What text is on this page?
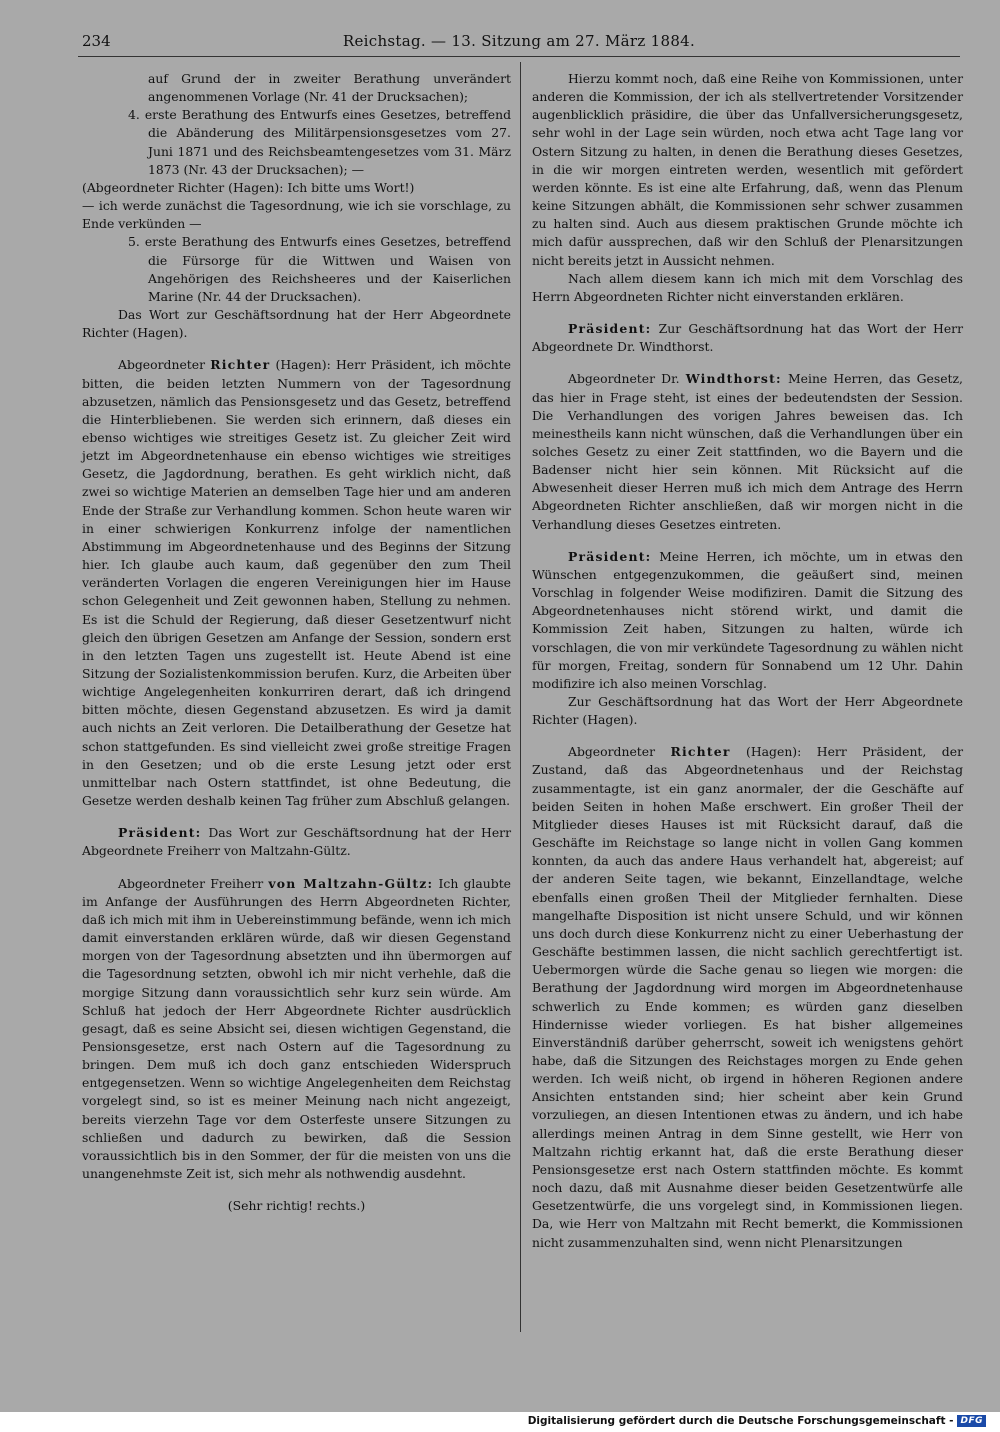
234	Reichstag. — 13. Sitzung am 27. März 1884.

auf Grund der in zweiter Berathung unverändert angenommenen Vorlage (Nr. 41 der Drucksachen);

4. erste Berathung des Entwurfs eines Gesetzes, betreffend die Abänderung des Militärpensionsgesetzes vom 27. Juni 1871 und des Reichsbeamtengesetzes vom 31. März 1873 (Nr. 43 der Drucksachen); —

(Abgeordneter Richter (Hagen): Ich bitte ums Wort!)

— ich werde zunächst die Tagesordnung, wie ich sie vorschlage, zu Ende verkünden —

5. erste Berathung des Entwurfs eines Gesetzes, betreffend die Fürsorge für die Wittwen und Waisen von Angehörigen des Reichsheeres und der Kaiserlichen Marine (Nr. 44 der Drucksachen).

Das Wort zur Geschäftsordnung hat der Herr Abgeordnete Richter (Hagen).

Abgeordneter Richter (Hagen): Herr Präsident, ich möchte bitten, die beiden letzten Nummern von der Tagesordnung abzusetzen, nämlich das Pensionsgesetz und das Gesetz, betreffend die Hinterbliebenen. Sie werden sich erinnern, daß dieses ein ebenso wichtiges wie streitiges Gesetz ist. Zu gleicher Zeit wird jetzt im Abgeordnetenhause ein ebenso wichtiges wie streitiges Gesetz, die Jagdordnung, berathen. Es geht wirklich nicht, daß zwei so wichtige Materien an demselben Tage hier und am anderen Ende der Straße zur Verhandlung kommen. Schon heute waren wir in einer schwierigen Konkurrenz infolge der namentlichen Abstimmung im Abgeordnetenhause und des Beginns der Sitzung hier. Ich glaube auch kaum, daß gegenüber den zum Theil veränderten Vorlagen die engeren Vereinigungen hier im Hause schon Gelegenheit und Zeit gewonnen haben, Stellung zu nehmen. Es ist die Schuld der Regierung, daß dieser Gesetzentwurf nicht gleich den übrigen Gesetzen am Anfange der Session, sondern erst in den letzten Tagen uns zugestellt ist. Heute Abend ist eine Sitzung der Sozialistenkommission berufen. Kurz, die Arbeiten über wichtige Angelegenheiten konkurriren derart, daß ich dringend bitten möchte, diesen Gegenstand abzusetzen. Es wird ja damit auch nichts an Zeit verloren. Die Detailberathung der Gesetze hat schon stattgefunden. Es sind vielleicht zwei große streitige Fragen in den Gesetzen; und ob die erste Lesung jetzt oder erst unmittelbar nach Ostern stattfindet, ist ohne Bedeutung, die Gesetze werden deshalb keinen Tag früher zum Abschluß gelangen.

Präsident: Das Wort zur Geschäftsordnung hat der Herr Abgeordnete Freiherr von Maltzahn-Gültz.

Abgeordneter Freiherr von Maltzahn-Gültz: Ich glaubte im Anfange der Ausführungen des Herrn Abgeordneten Richter, daß ich mich mit ihm in Uebereinstimmung befände, wenn ich mich damit einverstanden erklären würde, daß wir diesen Gegenstand morgen von der Tagesordnung absetzten und ihn übermorgen auf die Tagesordnung setzten, obwohl ich mir nicht verhehle, daß die morgige Sitzung dann voraussichtlich sehr kurz sein würde. Am Schluß hat jedoch der Herr Abgeordnete Richter ausdrücklich gesagt, daß es seine Absicht sei, diesen wichtigen Gegenstand, die Pensionsgesetze, erst nach Ostern auf die Tagesordnung zu bringen. Dem muß ich doch ganz entschieden Widerspruch entgegensetzen. Wenn so wichtige Angelegenheiten dem Reichstag vorgelegt sind, so ist es meiner Meinung nach nicht angezeigt, bereits vierzehn Tage vor dem Osterfeste unsere Sitzungen zu schließen und dadurch zu bewirken, daß die Session voraussichtlich bis in den Sommer, der für die meisten von uns die unangenehmste Zeit ist, sich mehr als nothwendig ausdehnt.

(Sehr richtig! rechts.)

Hierzu kommt noch, daß eine Reihe von Kommissionen, unter anderen die Kommission, der ich als stellvertretender Vorsitzender augenblicklich präsidire, die über das Unfallversicherungsgesetz, sehr wohl in der Lage sein würden, noch etwa acht Tage lang vor Ostern Sitzung zu halten, in denen die Berathung dieses Gesetzes, in die wir morgen eintreten werden, wesentlich mit gefördert werden könnte. Es ist eine alte Erfahrung, daß, wenn das Plenum keine Sitzungen abhält, die Kommissionen sehr schwer zusammen zu halten sind. Auch aus diesem praktischen Grunde möchte ich mich dafür aussprechen, daß wir den Schluß der Plenarsitzungen nicht bereits jetzt in Aussicht nehmen.

Nach allem diesem kann ich mich mit dem Vorschlag des Herrn Abgeordneten Richter nicht einverstanden erklären.

Präsident: Zur Geschäftsordnung hat das Wort der Herr Abgeordnete Dr. Windthorst.

Abgeordneter Dr. Windthorst: Meine Herren, das Gesetz, das hier in Frage steht, ist eines der bedeutendsten der Session. Die Verhandlungen des vorigen Jahres beweisen das. Ich meinestheils kann nicht wünschen, daß die Verhandlungen über ein solches Gesetz zu einer Zeit stattfinden, wo die Bayern und die Badenser nicht hier sein können. Mit Rücksicht auf die Abwesenheit dieser Herren muß ich mich dem Antrage des Herrn Abgeordneten Richter anschließen, daß wir morgen nicht in die Verhandlung dieses Gesetzes eintreten.

Präsident: Meine Herren, ich möchte, um in etwas den Wünschen entgegenzukommen, die geäußert sind, meinen Vorschlag in folgender Weise modifiziren. Damit die Sitzung des Abgeordnetenhauses nicht störend wirkt, und damit die Kommission Zeit haben, Sitzungen zu halten, würde ich vorschlagen, die von mir verkündete Tagesordnung zu wählen nicht für morgen, Freitag, sondern für Sonnabend um 12 Uhr. Dahin modifizire ich also meinen Vorschlag.

Zur Geschäftsordnung hat das Wort der Herr Abgeordnete Richter (Hagen).

Abgeordneter Richter (Hagen): Herr Präsident, der Zustand, daß das Abgeordnetenhaus und der Reichstag zusammentagte, ist ein ganz anormaler, der die Geschäfte auf beiden Seiten in hohen Maße erschwert. Ein großer Theil der Mitglieder dieses Hauses ist mit Rücksicht darauf, daß die Geschäfte im Reichstage so lange nicht in vollen Gang kommen konnten, da auch das andere Haus verhandelt hat, abgereist; auf der anderen Seite tagen, wie bekannt, Einzellandtage, welche ebenfalls einen großen Theil der Mitglieder fernhalten. Diese mangelhafte Disposition ist nicht unsere Schuld, und wir können uns doch durch diese Konkurrenz nicht zu einer Ueberhastung der Geschäfte bestimmen lassen, die nicht sachlich gerechtfertigt ist. Uebermorgen würde die Sache genau so liegen wie morgen: die Berathung der Jagdordnung wird morgen im Abgeordnetenhause schwerlich zu Ende kommen; es würden ganz dieselben Hindernisse wieder vorliegen. Es hat bisher allgemeines Einverständniß darüber geherrscht, soweit ich wenigstens gehört habe, daß die Sitzungen des Reichstages morgen zu Ende gehen werden. Ich weiß nicht, ob irgend in höheren Regionen andere Ansichten entstanden sind; hier scheint aber kein Grund vorzuliegen, an diesen Intentionen etwas zu ändern, und ich habe allerdings meinen Antrag in dem Sinne gestellt, wie Herr von Maltzahn richtig erkannt hat, daß die erste Berathung dieser Pensionsgesetze erst nach Ostern stattfinden möchte. Es kommt noch dazu, daß mit Ausnahme dieser beiden Gesetzentwürfe alle Gesetzentwürfe, die uns vorgelegt sind, in Kommissionen liegen. Da, wie Herr von Maltzahn mit Recht bemerkt, die Kommissionen nicht zusammenzuhalten sind, wenn nicht Plenarsitzungen

Digitalisierung gefördert durch die Deutsche Forschungsgemeinschaft - DFG
